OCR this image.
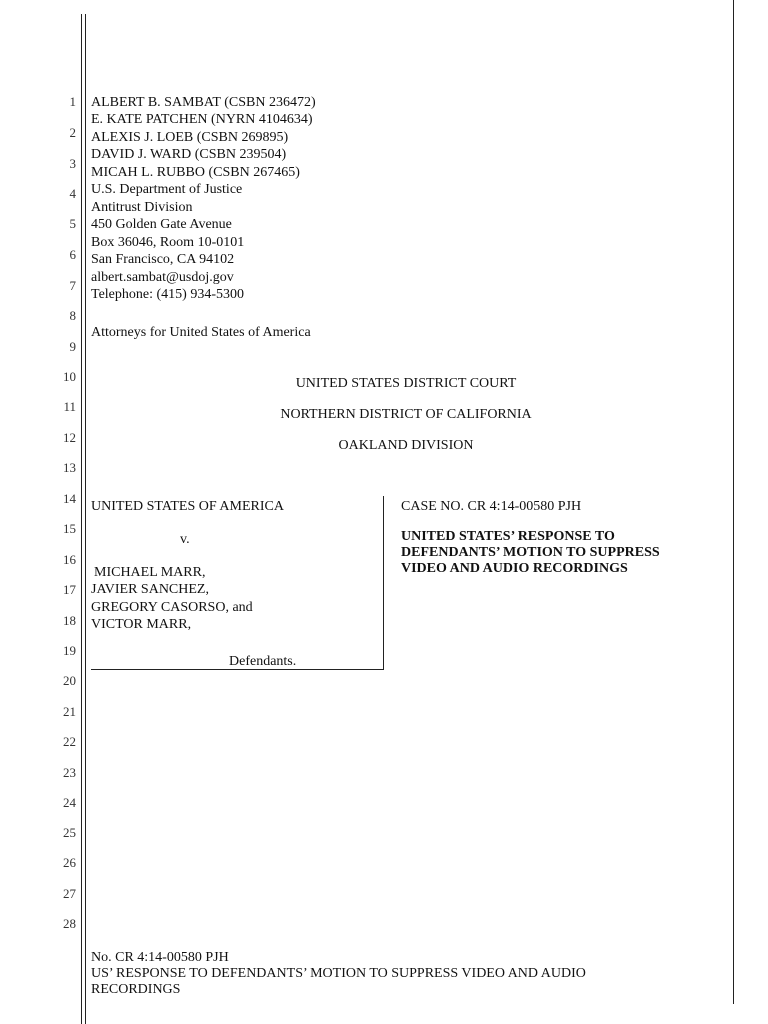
1
2
3
4
5
6
7
8
9
10
11
12
13
14
15
16
17
18
19
20
21
22
23
24
25
26
27
28
ALBERT B. SAMBAT (CSBN 236472)
E. KATE PATCHEN (NYRN 4104634)
ALEXIS J. LOEB (CSBN 269895)
DAVID J. WARD (CSBN 239504)
MICAH L. RUBBO (CSBN 267465)
U.S. Department of Justice
Antitrust Division
450 Golden Gate Avenue
Box 36046, Room 10-0101
San Francisco, CA 94102
albert.sambat@usdoj.gov
Telephone: (415) 934-5300
Attorneys for United States of America
UNITED STATES DISTRICT COURT
NORTHERN DISTRICT OF CALIFORNIA
OAKLAND DIVISION
UNITED STATES OF AMERICA
v.
MICHAEL MARR,
JAVIER SANCHEZ,
GREGORY CASORSO, and
VICTOR MARR,
Defendants.
CASE NO. CR 4:14-00580 PJH
UNITED STATES’ RESPONSE TO
DEFENDANTS’ MOTION TO SUPPRESS
VIDEO AND AUDIO RECORDINGS
No. CR 4:14-00580 PJH
US’ RESPONSE TO DEFENDANTS’ MOTION TO SUPPRESS VIDEO AND AUDIO
RECORDINGS
